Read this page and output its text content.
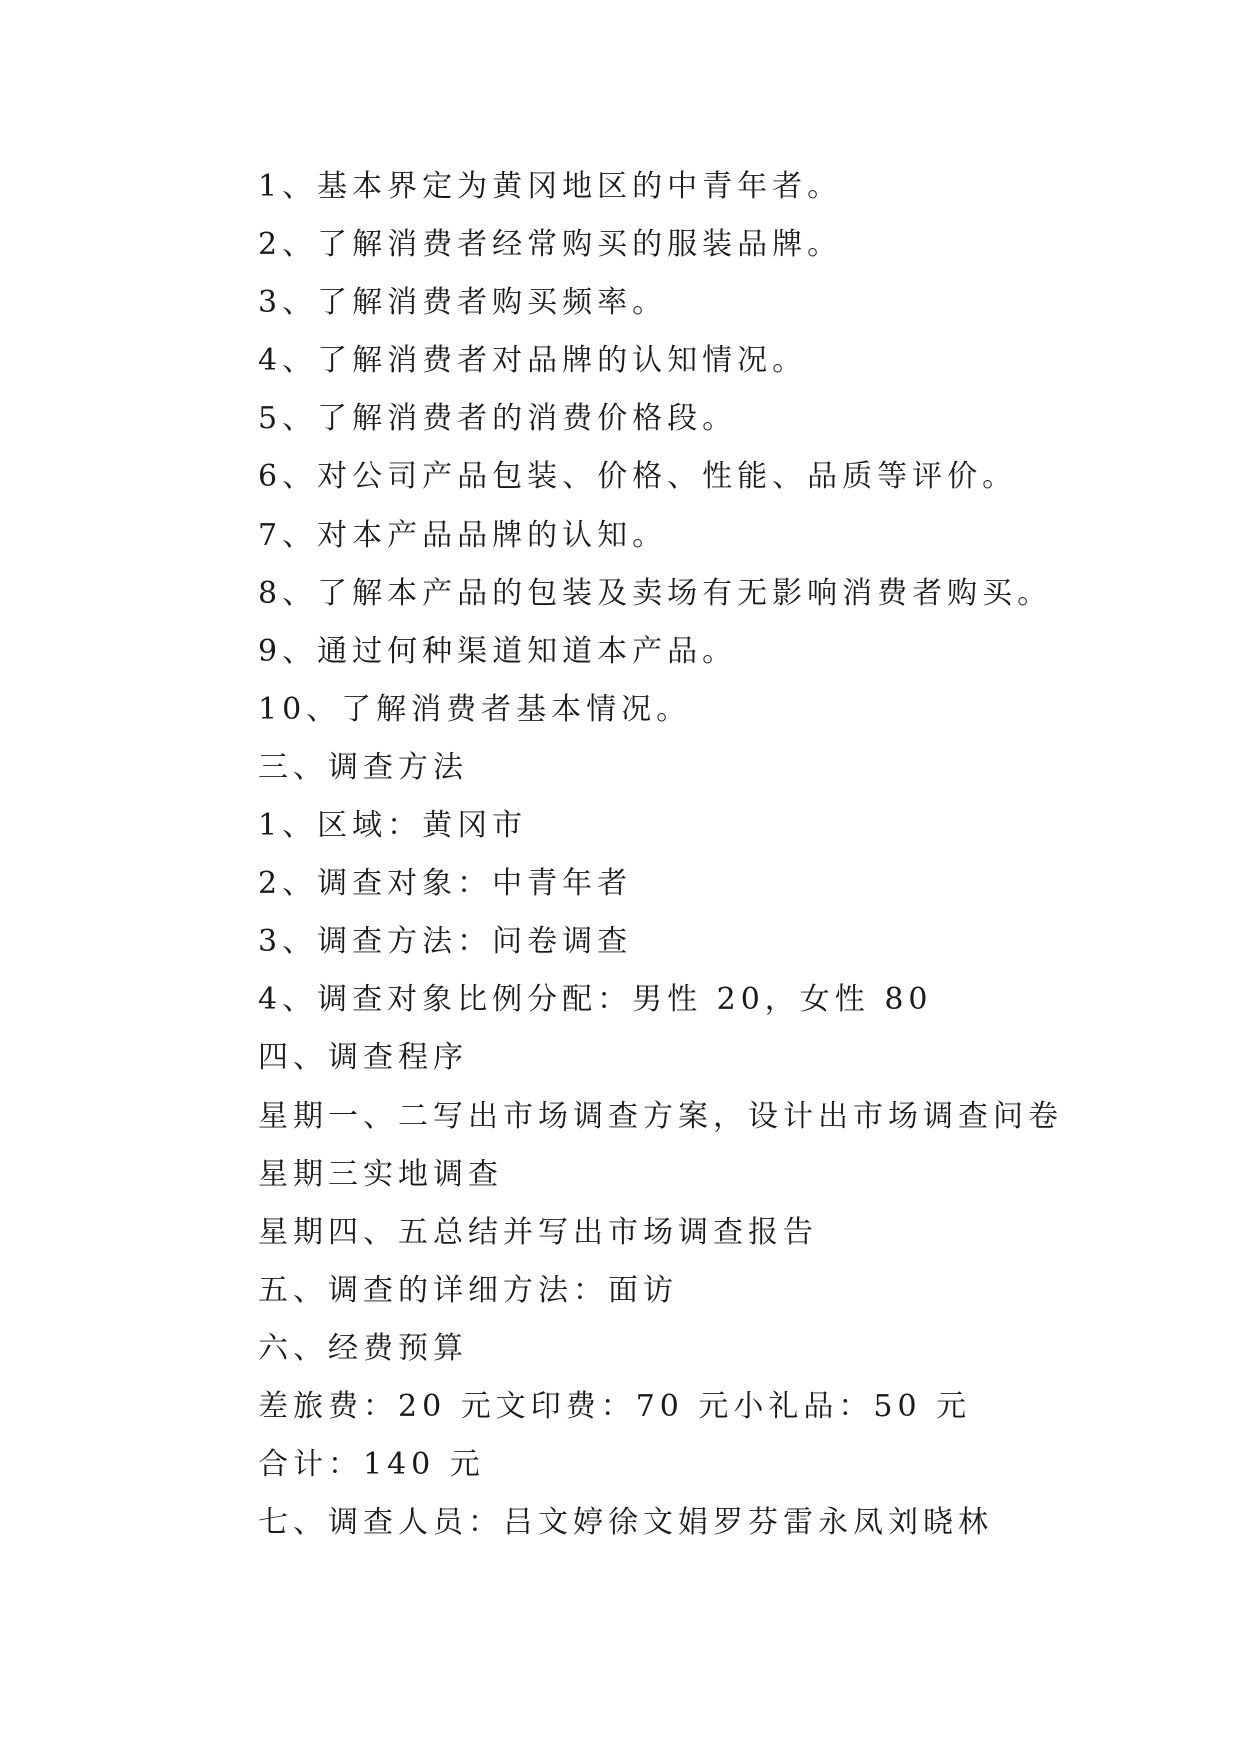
1、基本界定为黄冈地区的中青年者。
2、了解消费者经常购买的服装品牌。
3、了解消费者购买频率。
4、了解消费者对品牌的认知情况。
5、了解消费者的消费价格段。
6、对公司产品包装、价格、性能、品质等评价。
7、对本产品品牌的认知。
8、了解本产品的包装及卖场有无影响消费者购买。
9、通过何种渠道知道本产品。
10、了解消费者基本情况。
三、调查方法
1、区域：黄冈市
2、调查对象：中青年者
3、调查方法：问卷调查
4、调查对象比例分配：男性 20，女性 80
四、调查程序
星期一、二写出市场调查方案，设计出市场调查问卷
星期三实地调查
星期四、五总结并写出市场调查报告
五、调查的详细方法：面访
六、经费预算
差旅费：20 元文印费：70 元小礼品：50 元
合计：140 元
七、调查人员：吕文婷徐文娟罗芬雷永凤刘晓林
